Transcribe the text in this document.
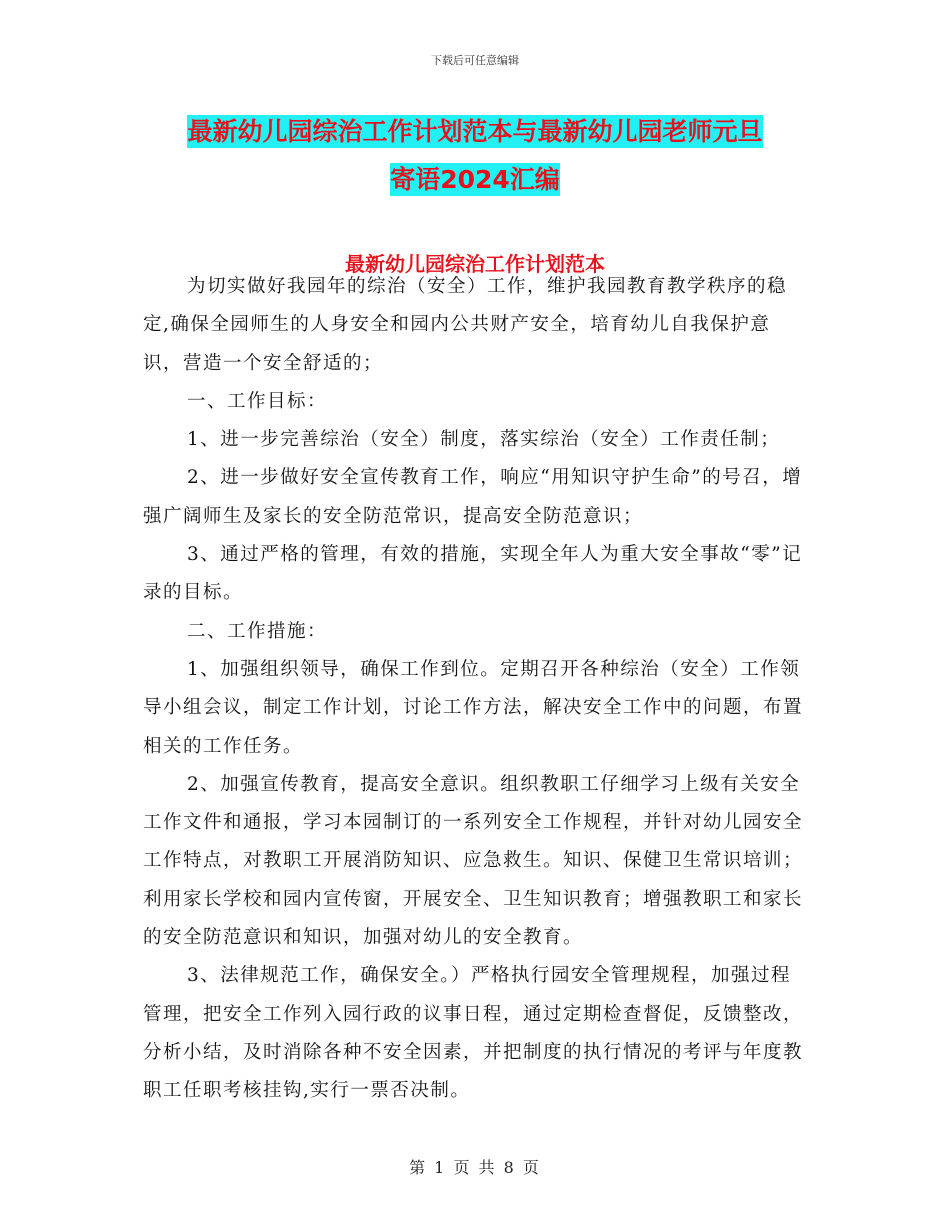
下载后可任意编辑
最新幼儿园综治工作计划范本与最新幼儿园老师元旦
寄语2024汇编
最新幼儿园综治工作计划范本

为切实做好我园年的综治（安全）工作，维护我园教育教学秩序的稳定,确保全园师生的人身安全和园内公共财产安全，培育幼儿自我保护意识，营造一个安全舒适的；

一、工作目标：

1、进一步完善综治（安全）制度，落实综治（安全）工作责任制；

2、进一步做好安全宣传教育工作，响应“用知识守护生命”的号召，增强广阔师生及家长的安全防范常识，提高安全防范意识；

3、通过严格的管理，有效的措施，实现全年人为重大安全事故“零”记录的目标。

二、工作措施：

1、加强组织领导，确保工作到位。定期召开各种综治（安全）工作领导小组会议，制定工作计划，讨论工作方法，解决安全工作中的问题，布置相关的工作任务。

2、加强宣传教育，提高安全意识。组织教职工仔细学习上级有关安全工作文件和通报，学习本园制订的一系列安全工作规程，并针对幼儿园安全工作特点，对教职工开展消防知识、应急救生。知识、保健卫生常识培训；利用家长学校和园内宣传窗，开展安全、卫生知识教育；增强教职工和家长的安全防范意识和知识，加强对幼儿的安全教育。

3、法律规范工作，确保安全。）严格执行园安全管理规程，加强过程管理，把安全工作列入园行政的议事日程，通过定期检查督促，反馈整改，分析小结，及时消除各种不安全因素，并把制度的执行情况的考评与年度教职工任职考核挂钩,实行一票否决制。

第 1 页 共 8 页
